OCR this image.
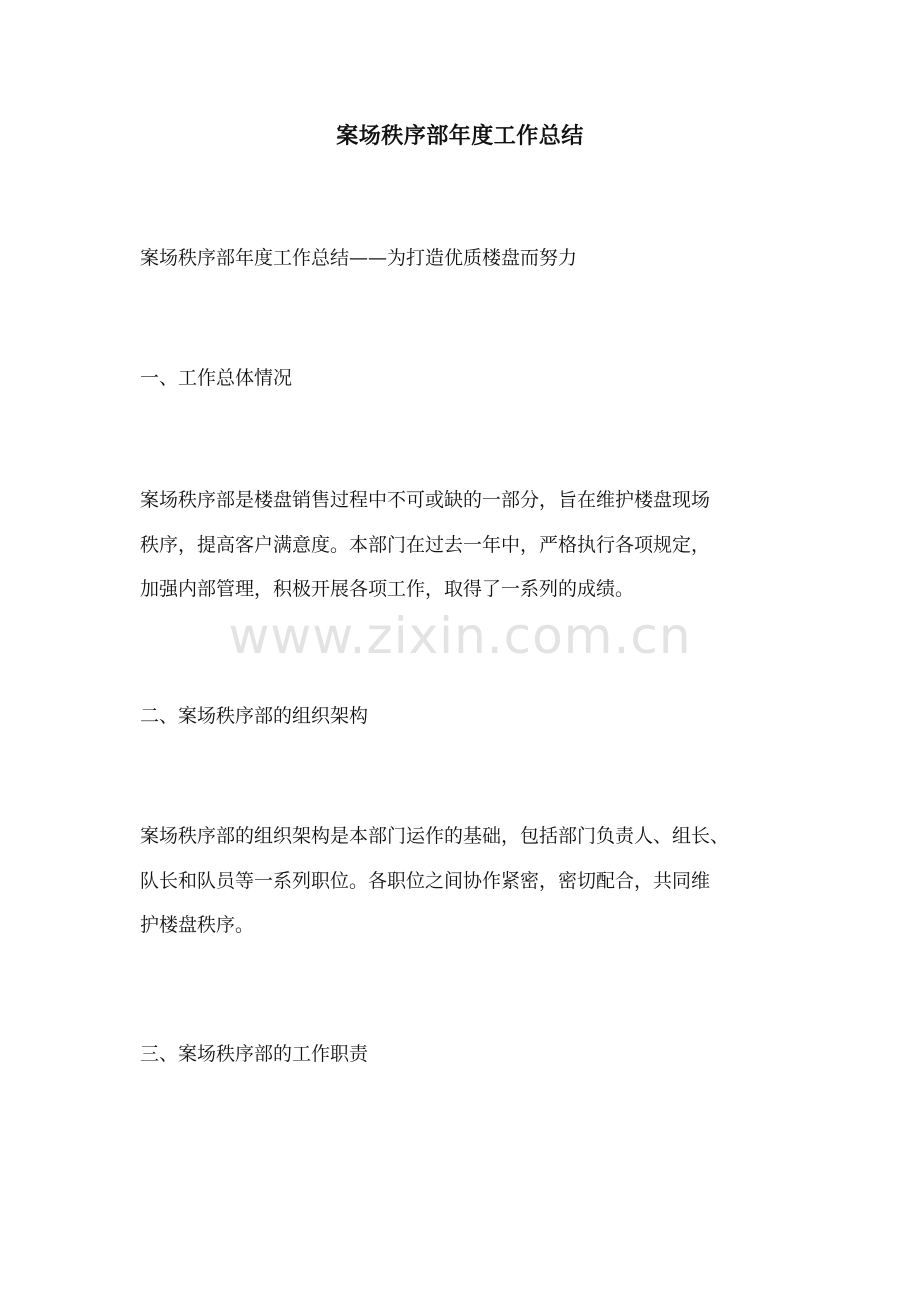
案场秩序部年度工作总结
案场秩序部年度工作总结——为打造优质楼盘而努力
一、工作总体情况
案场秩序部是楼盘销售过程中不可或缺的一部分，旨在维护楼盘现场
秩序，提高客户满意度。本部门在过去一年中，严格执行各项规定，
加强内部管理，积极开展各项工作，取得了一系列的成绩。
二、案场秩序部的组织架构
案场秩序部的组织架构是本部门运作的基础，包括部门负责人、组长、
队长和队员等一系列职位。各职位之间协作紧密，密切配合，共同维
护楼盘秩序。
三、案场秩序部的工作职责
www.zixin.com.cn
